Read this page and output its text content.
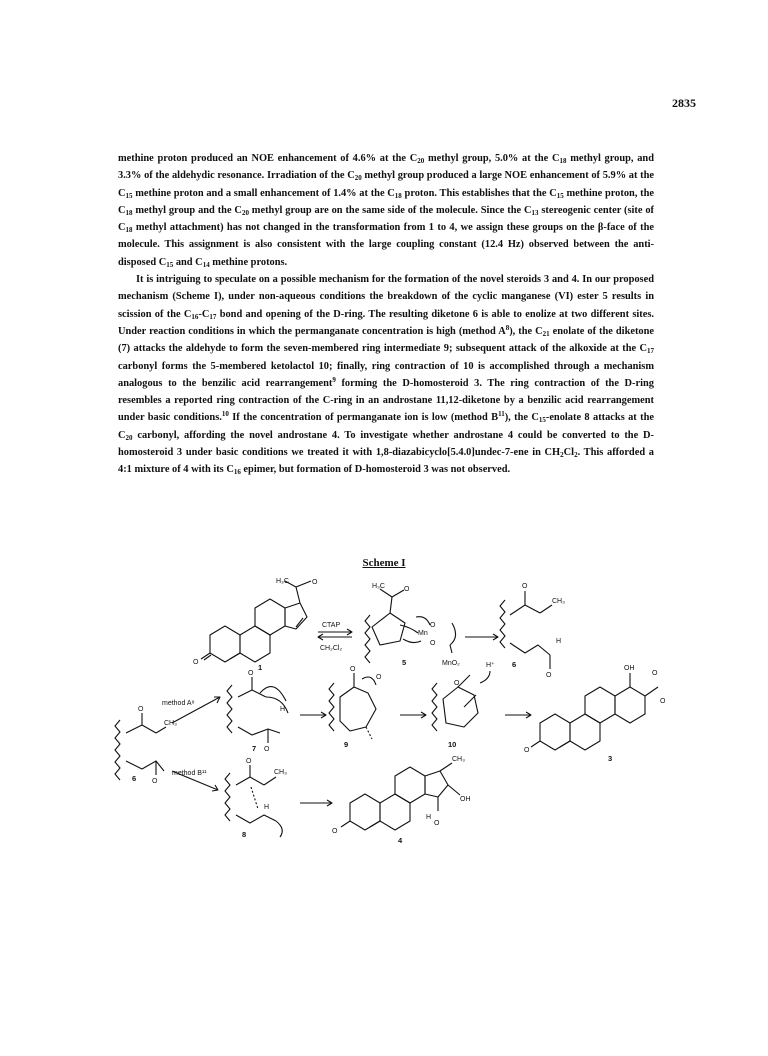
2835

methine proton produced an NOE enhancement of 4.6% at the $C_{20}$ methyl group, 5.0% at the $C_{18}$ methyl group, and 3.3% of the aldehydic resonance. Irradiation of the $C_{20}$ methyl group produced a large NOE enhancement of 5.9% at the $C_{15}$ methine proton and a small enhancement of 1.4% at the $C_{18}$ proton. This establishes that the $C_{15}$ methine proton, the $C_{18}$ methyl group and the $C_{20}$ methyl group are on the same side of the molecule. Since the $C_{13}$ stereogenic center (site of $C_{18}$ methyl attachment) has not changed in the transformation from 1 to 4, we assign these groups on the β-face of the molecule. This assignment is also consistent with the large coupling constant (12.4 Hz) observed between the anti-disposed $C_{15}$ and $C_{14}$ methine protons.

It is intriguing to speculate on a possible mechanism for the formation of the novel steroids 3 and 4. In our proposed mechanism (Scheme I), under non-aqueous conditions the breakdown of the cyclic manganese (VI) ester 5 results in scission of the $C_{16}-C_{17}$ bond and opening of the D-ring. The resulting diketone 6 is able to enolize at two different sites. Under reaction conditions in which the permanganate concentration is high (method $A^8$), the $C_{21}$ enolate of the diketone (7) attacks the aldehyde to form the seven-membered ring intermediate 9; subsequent attack of the alkoxide at the $C_{17}$ carbonyl forms the 5-membered ketolactol 10; finally, ring contraction of 10 is accomplished through a mechanism analogous to the benzilic acid rearrangement$^9$ forming the D-homosteroid 3. The ring contraction of the D-ring resembles a reported ring contraction of the C-ring in an androstane 11,12-diketone by a benzilic acid rearrangement under basic conditions.$^{10}$ If the concentration of permanganate ion is low (method $B^{11}$), the $C_{15}$-enolate 8 attacks at the $C_{20}$ carbonyl, affording the novel androstane 4. To investigate whether androstane 4 could be converted to the D-homosteroid 3 under basic conditions we treated it with 1,8-diazabicyclo[5.4.0]undec-7-ene in $CH_2Cl_2$. This afforded a 4:1 mixture of 4 with its $C_{16}$ epimer, but formation of D-homosteroid 3 was not observed.

Scheme I
H₃C	O
O
1
CTAP
CH₂Cl₂
H₃C	O
Mn
O
O
5	MnO₂
O
CH₃
H
O
6
O
CH₃
O
6
method A⁸
method B¹¹
O
H
O
7
O
O
9
O
H⁺
10
OH
O
O
O
3
O
CH₃
H
8
CH₃
OH
O
H
O
4
